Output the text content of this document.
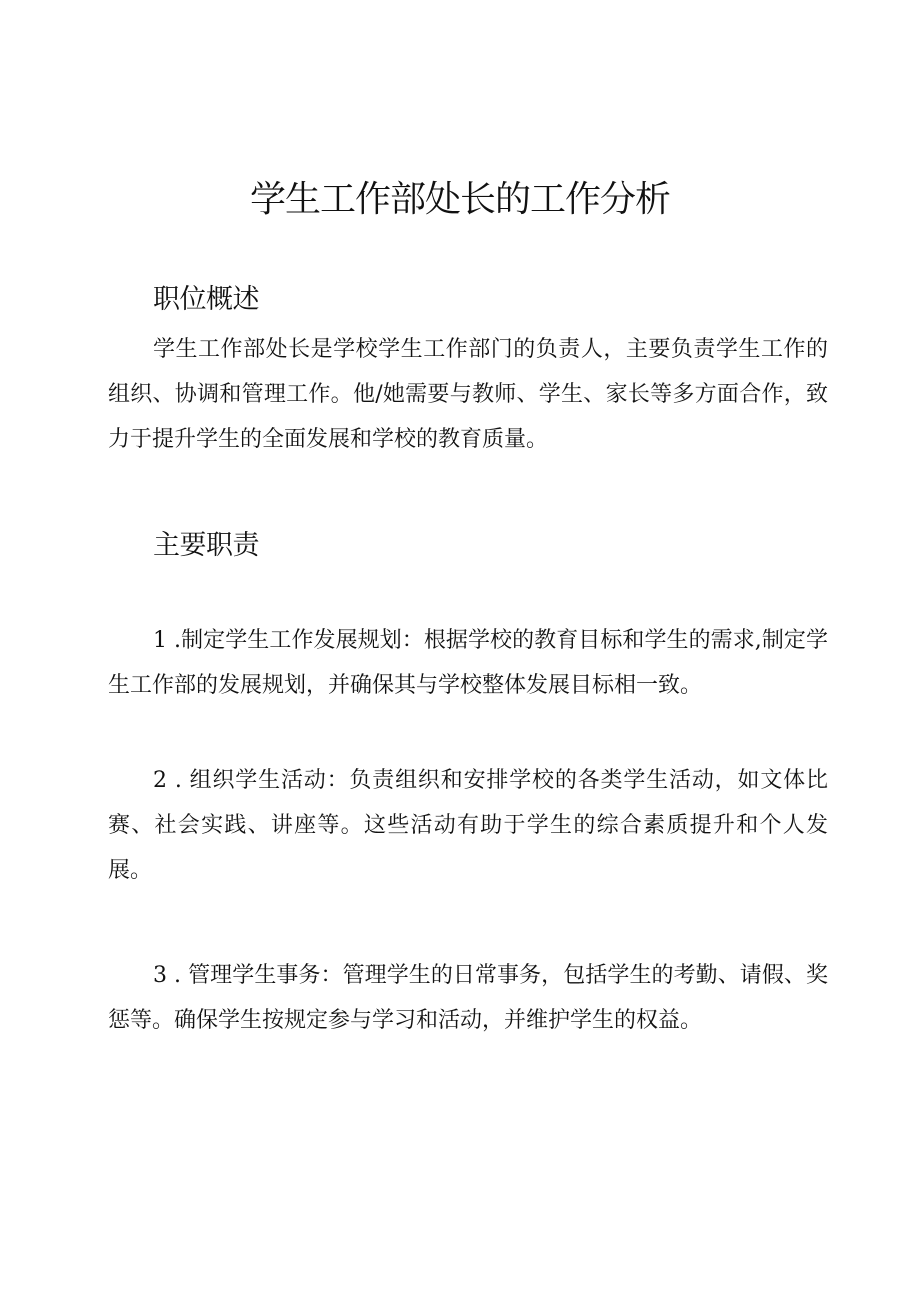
学生工作部处长的工作分析
职位概述

学生工作部处长是学校学生工作部门的负责人，主要负责学生工作的组织、协调和管理工作。他/她需要与教师、学生、家长等多方面合作，致力于提升学生的全面发展和学校的教育质量。

主要职责

1 .制定学生工作发展规划：根据学校的教育目标和学生的需求,制定学生工作部的发展规划，并确保其与学校整体发展目标相一致。

2 . 组织学生活动：负责组织和安排学校的各类学生活动，如文体比赛、社会实践、讲座等。这些活动有助于学生的综合素质提升和个人发展。

3 . 管理学生事务：管理学生的日常事务，包括学生的考勤、请假、奖惩等。确保学生按规定参与学习和活动，并维护学生的权益。
